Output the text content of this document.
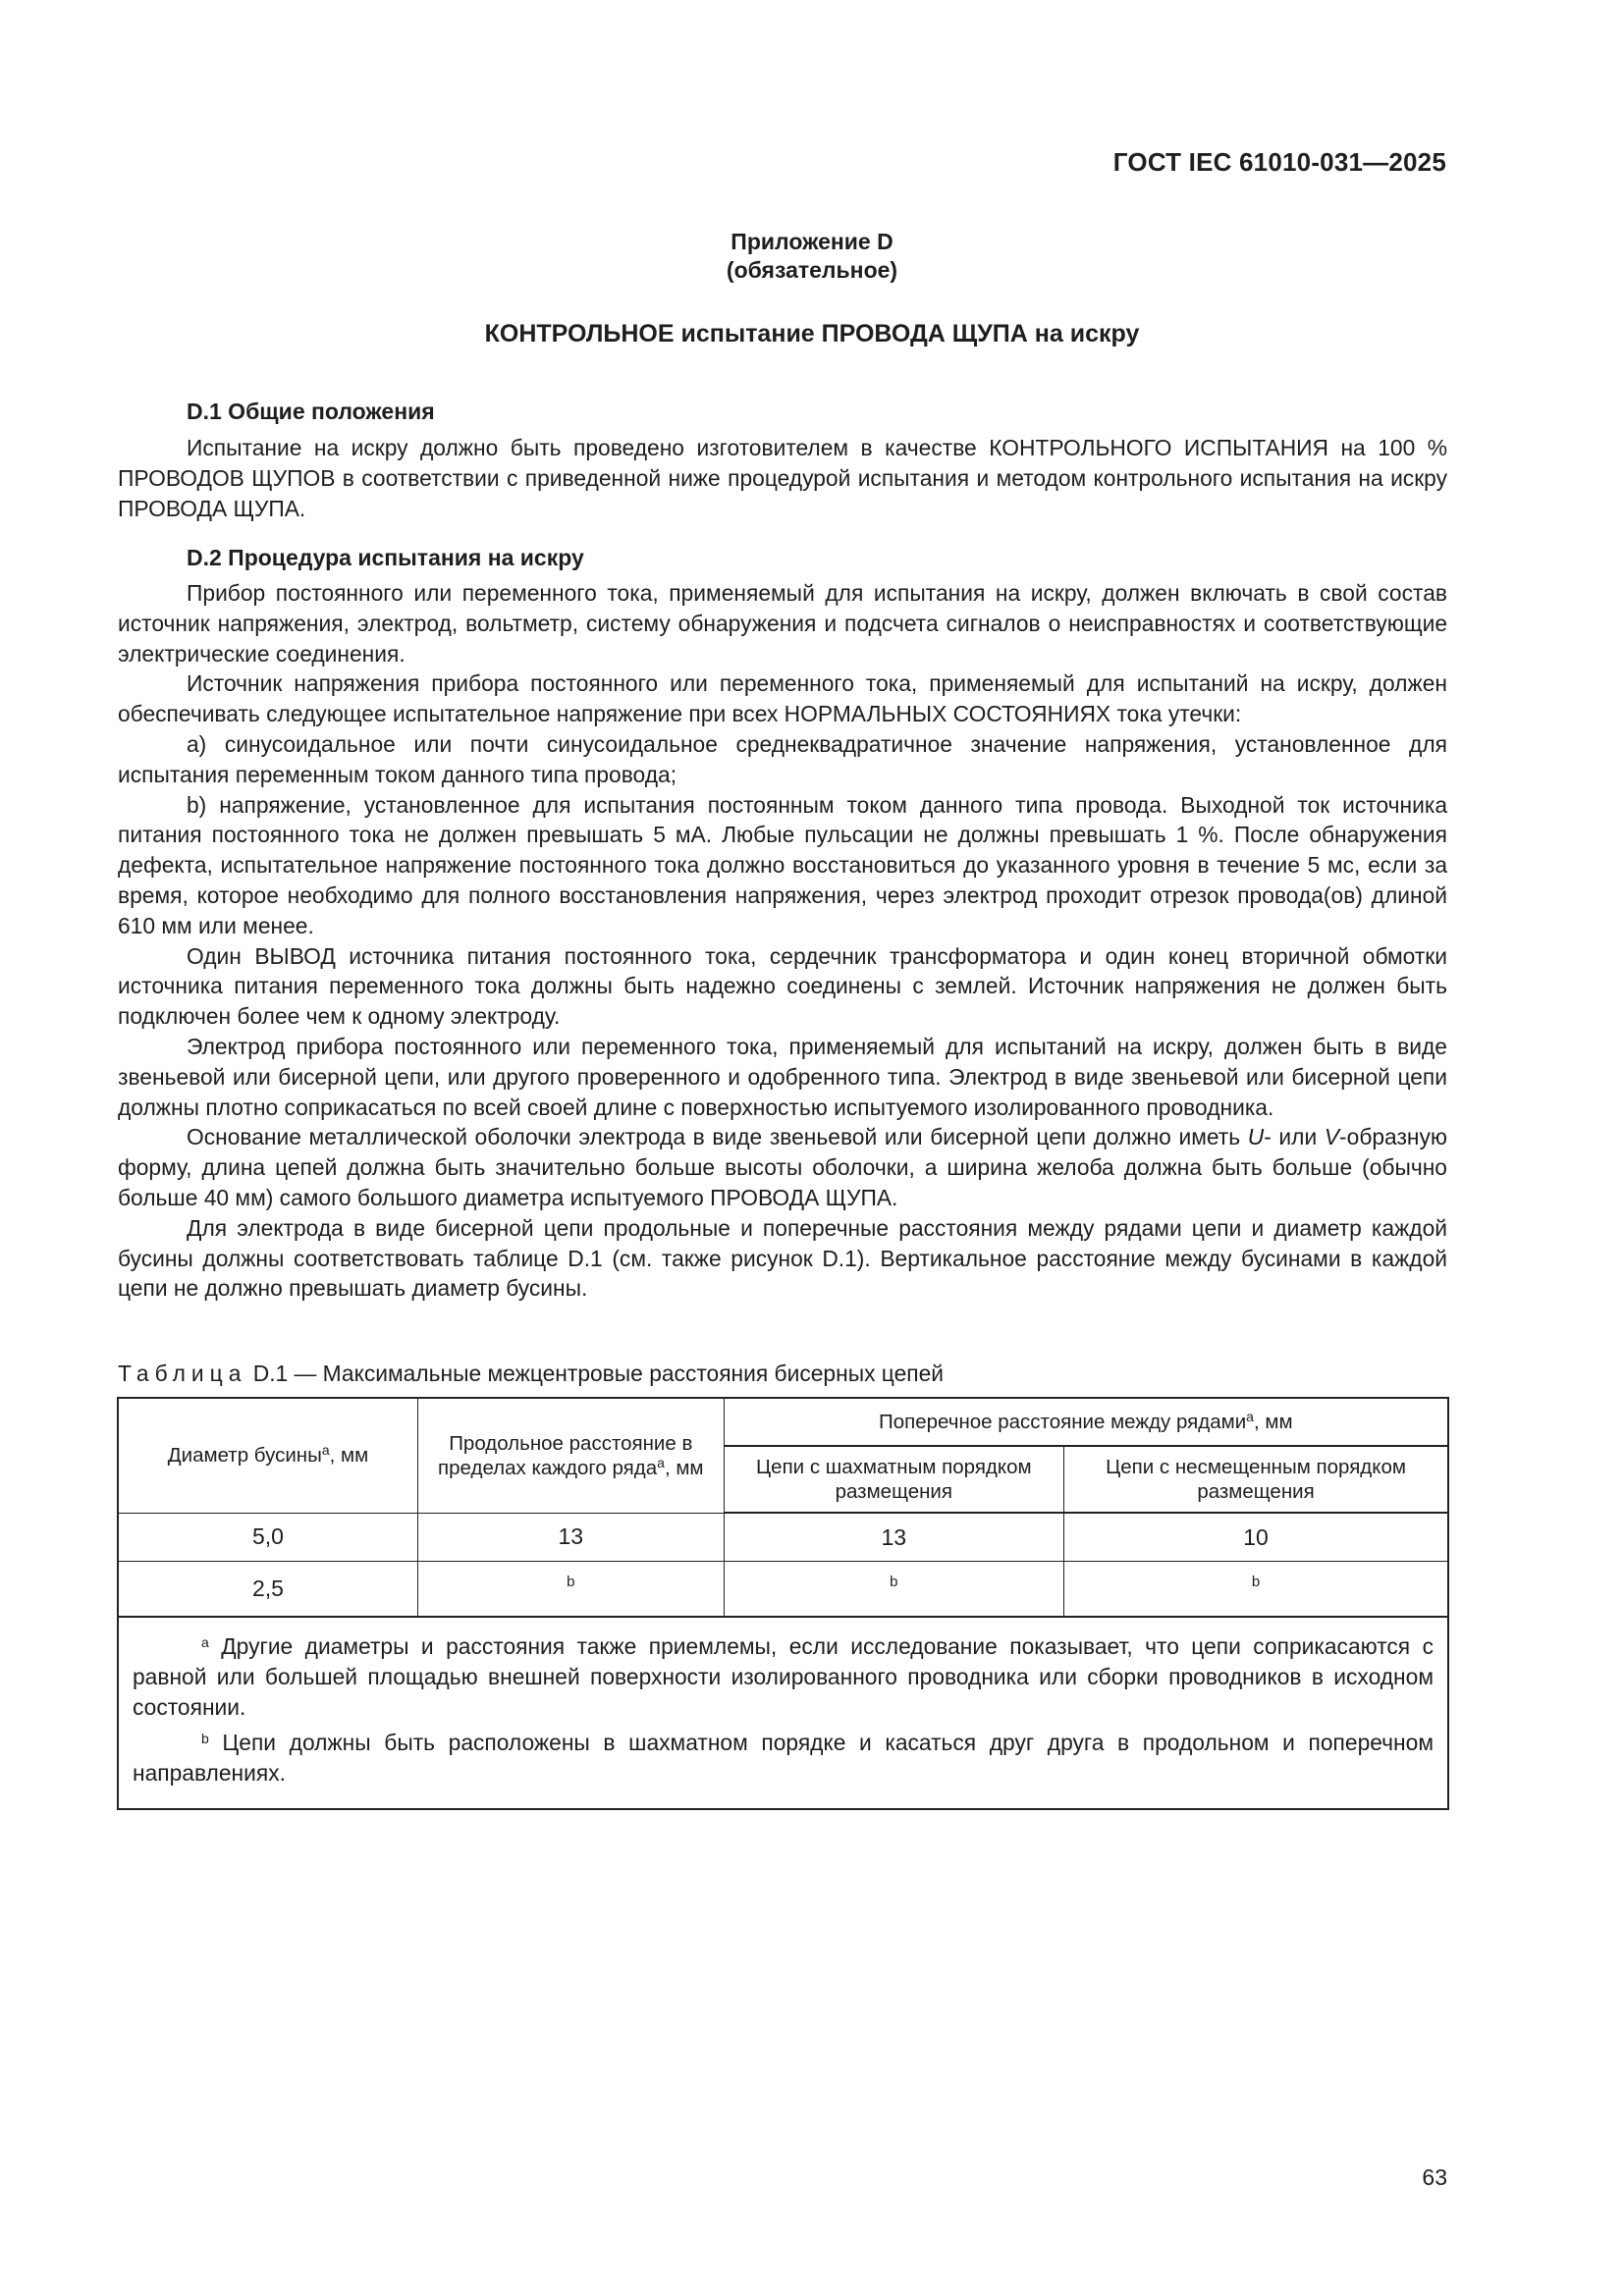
ГОСТ IEC 61010-031—2025
Приложение D
(обязательное)
КОНТРОЛЬНОЕ испытание ПРОВОДА ЩУПА на искру
D.1 Общие положения

Испытание на искру должно быть проведено изготовителем в качестве КОНТРОЛЬНОГО ИСПЫТАНИЯ на 100 % ПРОВОДОВ ЩУПОВ в соответствии с приведенной ниже процедурой испытания и методом контрольного испытания на искру ПРОВОДА ЩУПА.

D.2 Процедура испытания на искру

Прибор постоянного или переменного тока, применяемый для испытания на искру, должен включать в свой состав источник напряжения, электрод, вольтметр, систему обнаружения и подсчета сигналов о неисправностях и соответствующие электрические соединения.

Источник напряжения прибора постоянного или переменного тока, применяемый для испытаний на искру, должен обеспечивать следующее испытательное напряжение при всех НОРМАЛЬНЫХ СОСТОЯНИЯХ тока утечки:

a) синусоидальное или почти синусоидальное среднеквадратичное значение напряжения, установленное для испытания переменным током данного типа провода;

b) напряжение, установленное для испытания постоянным током данного типа провода. Выходной ток источника питания постоянного тока не должен превышать 5 мА. Любые пульсации не должны превышать 1 %. После обнаружения дефекта, испытательное напряжение постоянного тока должно восстановиться до указанного уровня в течение 5 мс, если за время, которое необходимо для полного восстановления напряжения, через электрод проходит отрезок провода(ов) длиной 610 мм или менее.

Один ВЫВОД источника питания постоянного тока, сердечник трансформатора и один конец вторичной обмотки источника питания переменного тока должны быть надежно соединены с землей. Источник напряжения не должен быть подключен более чем к одному электроду.

Электрод прибора постоянного или переменного тока, применяемый для испытаний на искру, должен быть в виде звеньевой или бисерной цепи, или другого проверенного и одобренного типа. Электрод в виде звеньевой или бисерной цепи должны плотно соприкасаться по всей своей длине с поверхностью испытуемого изолированного проводника.

Основание металлической оболочки электрода в виде звеньевой или бисерной цепи должно иметь U- или V-образную форму, длина цепей должна быть значительно больше высоты оболочки, а ширина желоба должна быть больше (обычно больше 40 мм) самого большого диаметра испытуемого ПРОВОДА ЩУПА.

Для электрода в виде бисерной цепи продольные и поперечные расстояния между рядами цепи и диаметр каждой бусины должны соответствовать таблице D.1 (см. также рисунок D.1). Вертикальное расстояние между бусинами в каждой цепи не должно превышать диаметр бусины.

Таблица D.1 — Максимальные межцентровые расстояния бисерных цепей
Диаметр бусины$^a$, мм	Продольное расстояние в пределах каждого ряда$^a$, мм	Поперечное расстояние между рядами$^a$, мм	
		Цепи с шахматным порядком размещения	Цепи с несмещенным порядком размещения
5,0	13	13	10
2,5	b	b	b

$^a$ Другие диаметры и расстояния также приемлемы, если исследование показывает, что цепи соприкасаются с равной или большей площадью внешней поверхности изолированного проводника или сборки проводников в исходном состоянии.

$^b$ Цепи должны быть расположены в шахматном порядке и касаться друг друга в продольном и поперечном направлениях.			

63
